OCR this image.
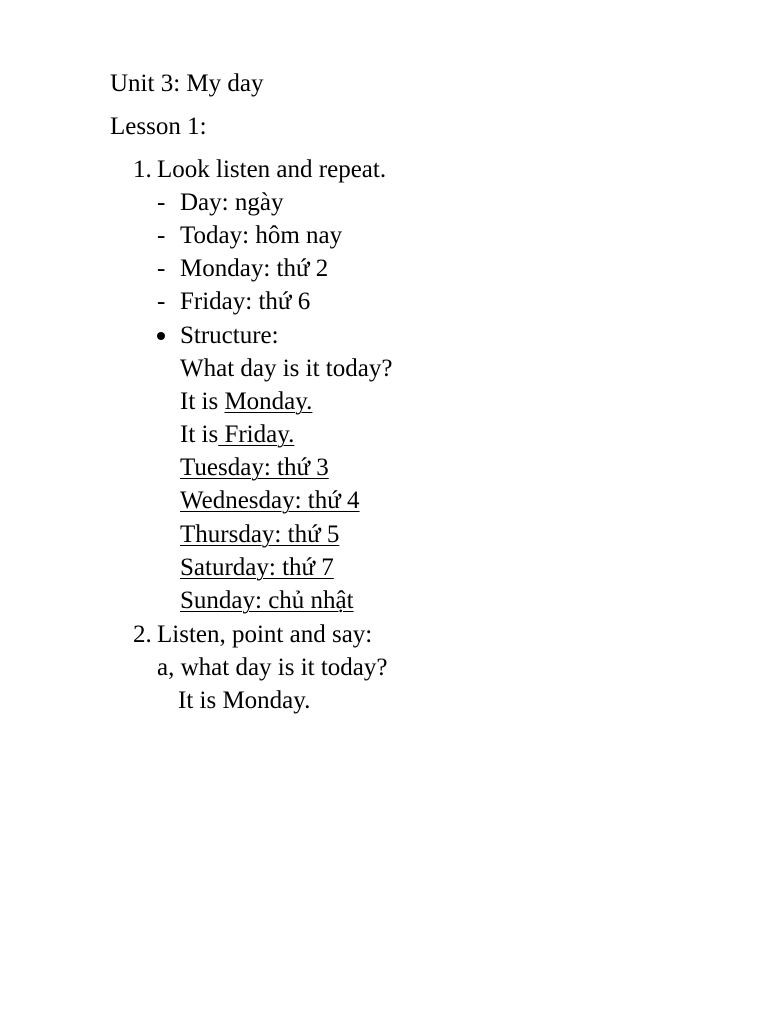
Unit 3: My day
Lesson 1:
1. Look listen and repeat.
- Day: ngày
- Today: hôm nay
- Monday: thứ 2
- Friday: thứ 6

Structure:
What day is it today?
It is Monday.
It is Friday.
Tuesday: thứ 3
Wednesday: thứ 4
Thursday: thứ 5
Saturday: thứ 7
Sunday: chủ nhật
2. Listen, point and say:
a, what day is it today?
It is Monday.
